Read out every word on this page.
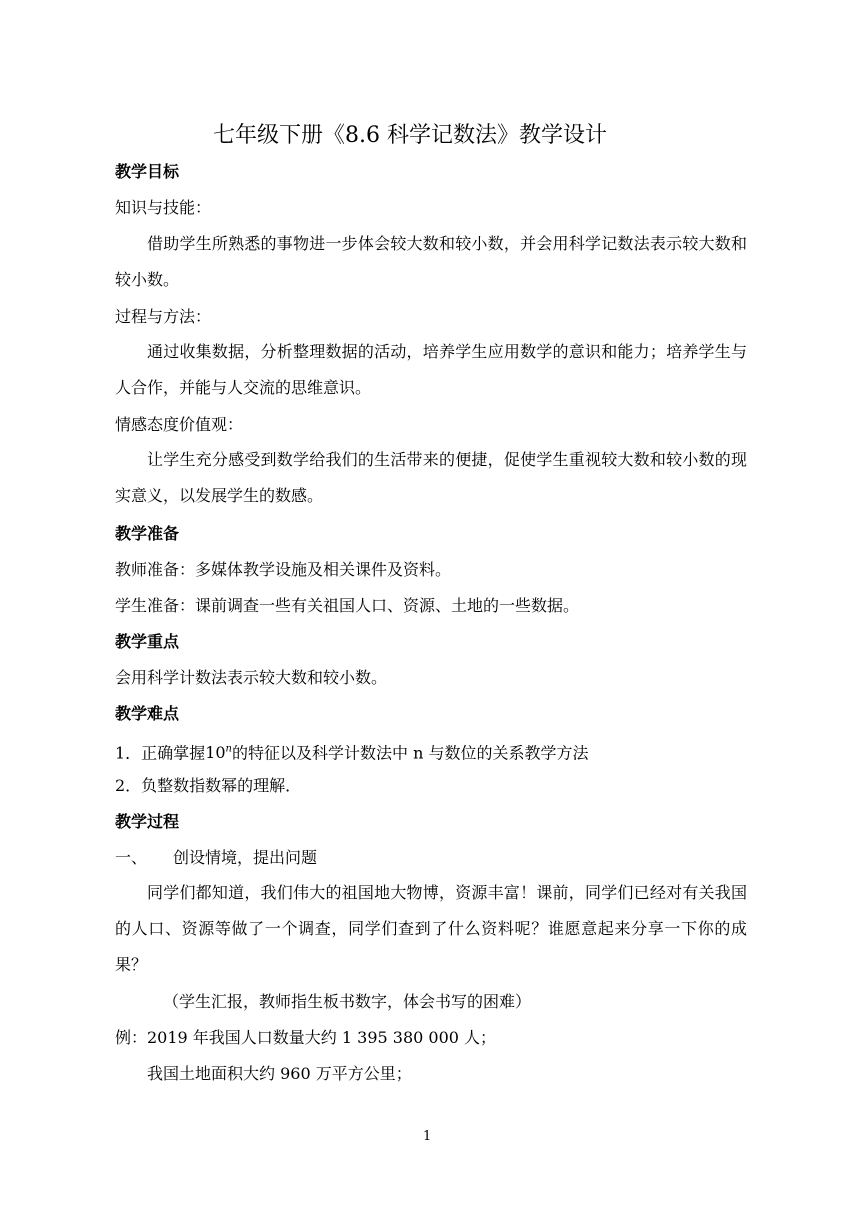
七年级下册《8.6 科学记数法》教学设计
教学目标
知识与技能：
借助学生所熟悉的事物进一步体会较大数和较小数，并会用科学记数法表示较大数和较小数。
过程与方法：
通过收集数据，分析整理数据的活动，培养学生应用数学的意识和能力；培养学生与人合作，并能与人交流的思维意识。
情感态度价值观：
让学生充分感受到数学给我们的生活带来的便捷，促使学生重视较大数和较小数的现实意义，以发展学生的数感。
教学准备
教师准备：多媒体教学设施及相关课件及资料。
学生准备：课前调查一些有关祖国人口、资源、土地的一些数据。
教学重点
会用科学计数法表示较大数和较小数。
教学难点
1．正确掌握10$^n$的特征以及科学计数法中 n 与数位的关系教学方法
2．负整数指数幂的理解．
教学过程
一、 创设情境，提出问题
同学们都知道，我们伟大的祖国地大物博，资源丰富！课前，同学们已经对有关我国的人口、资源等做了一个调查，同学们查到了什么资料呢？谁愿意起来分享一下你的成果？
（学生汇报，教师指生板书数字，体会书写的困难）
例：2019 年我国人口数量大约 1 395 380 000 人；
我国土地面积大约 960 万平方公里；
1
